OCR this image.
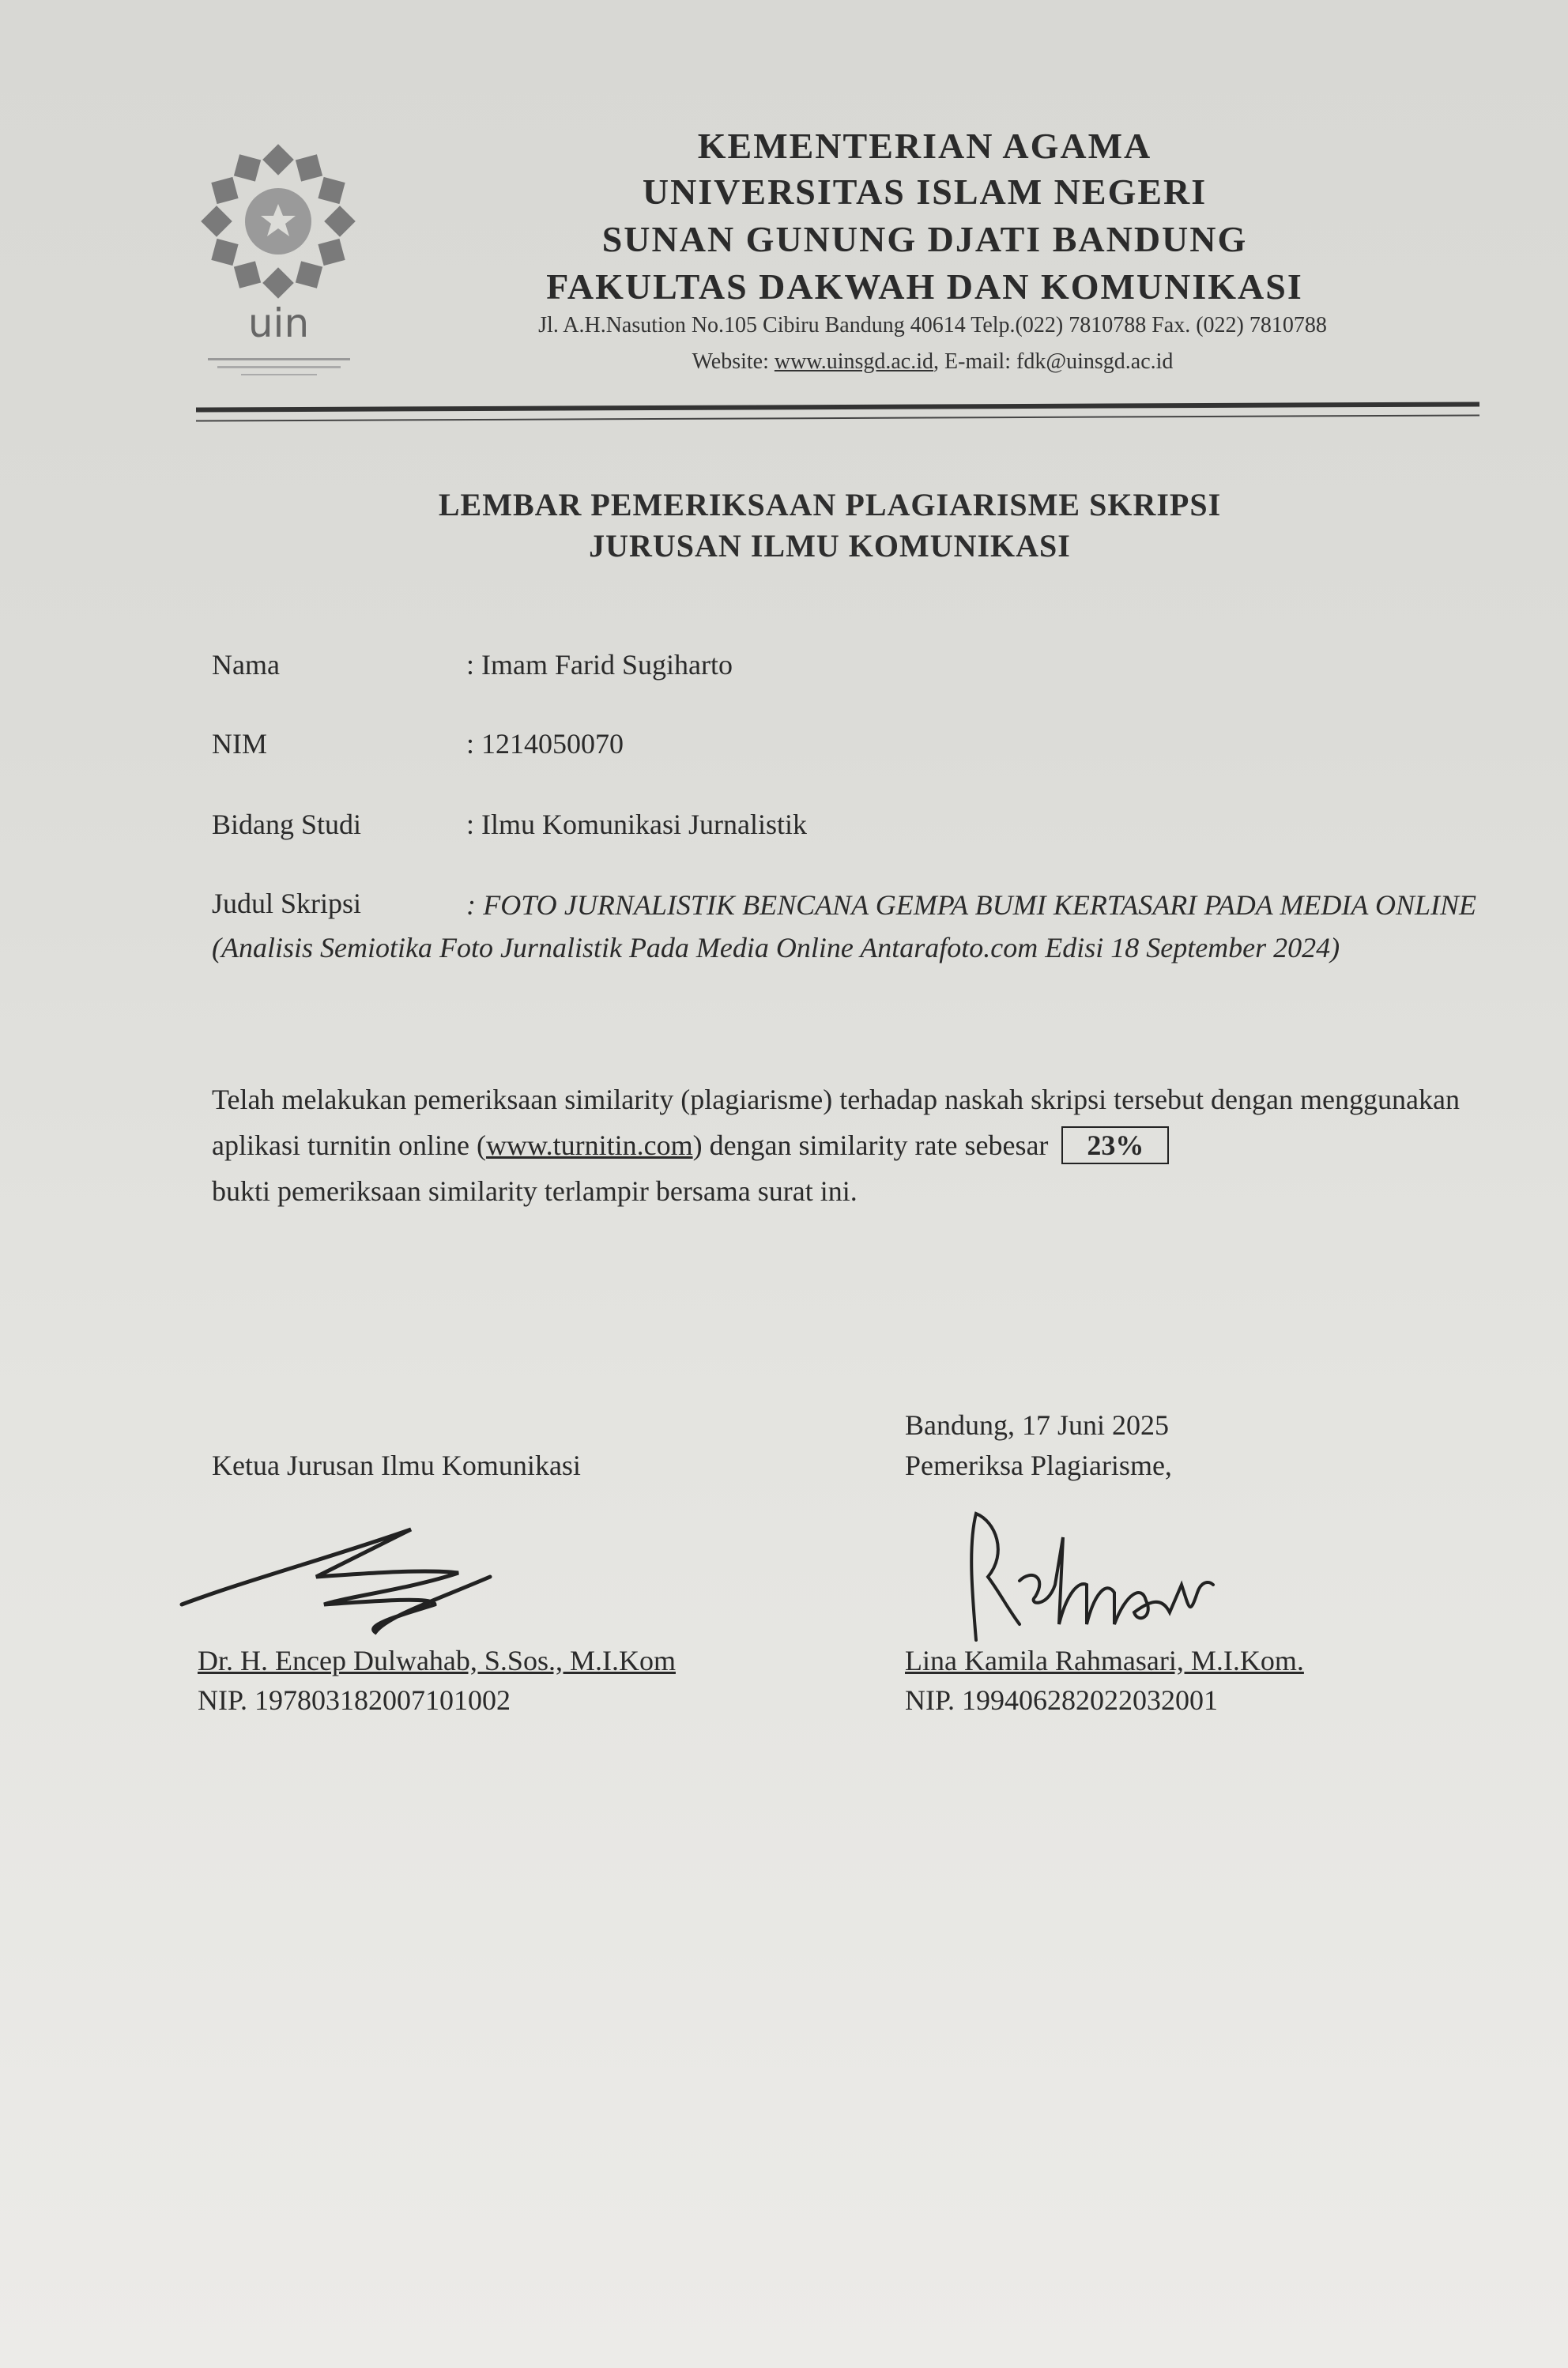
uin
KEMENTERIAN AGAMA
UNIVERSITAS ISLAM NEGERI
SUNAN GUNUNG DJATI BANDUNG
FAKULTAS DAKWAH DAN KOMUNIKASI
Jl. A.H.Nasution No.105 Cibiru Bandung 40614 Telp.(022) 7810788 Fax. (022) 7810788
Website: www.uinsgd.ac.id, E-mail: fdk@uinsgd.ac.id
LEMBAR PEMERIKSAAN PLAGIARISME SKRIPSI
JURUSAN ILMU KOMUNIKASI
Nama	: Imam Farid Sugiharto
NIM	: 1214050070
Bidang Studi	: Ilmu Komunikasi Jurnalistik
Judul Skripsi	: FOTO JURNALISTIK BENCANA GEMPA BUMI KERTASARI PADA MEDIA ONLINE (Analisis Semiotika Foto Jurnalistik Pada Media Online Antarafoto.com Edisi 18 September 2024)
Telah melakukan pemeriksaan similarity (plagiarisme) terhadap naskah skripsi tersebut dengan menggunakan aplikasi turnitin online (www.turnitin.com) dengan similarity rate sebesar 23%
bukti pemeriksaan similarity terlampir bersama surat ini.
Bandung, 17 Juni 2025
Ketua Jurusan Ilmu Komunikasi	Pemeriksa Plagiarisme,
Dr. H. Encep Dulwahab, S.Sos., M.I.Kom
NIP. 197803182007101002
Lina Kamila Rahmasari, M.I.Kom.
NIP. 199406282022032001
